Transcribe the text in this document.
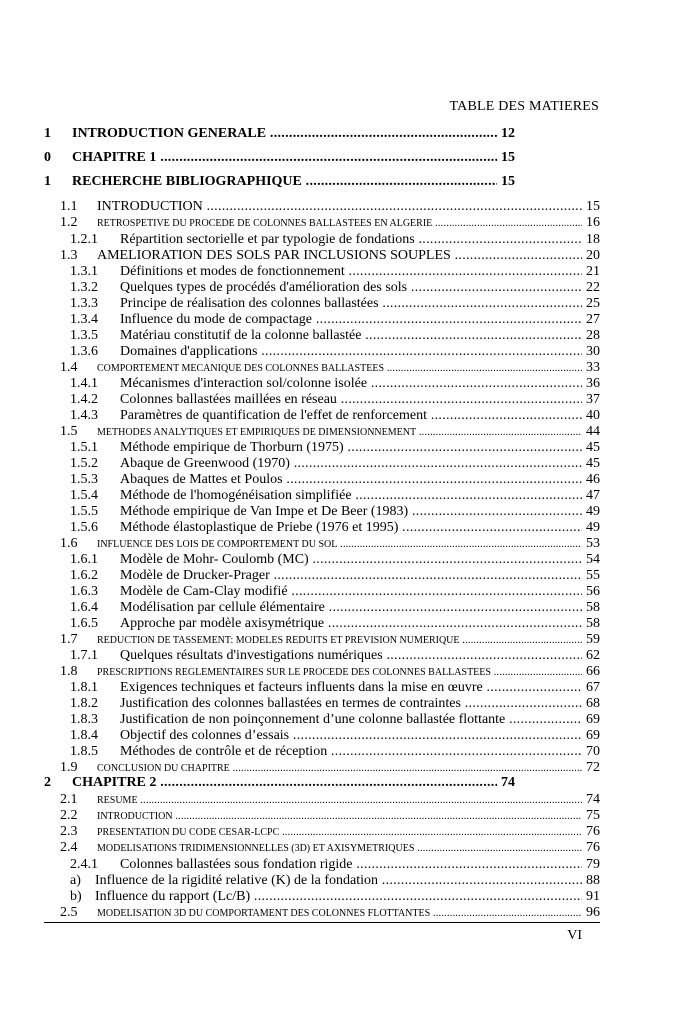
TABLE DES MATIERES
1 INTRODUCTION GENERALE .....	12
0 CHAPITRE 1 .....	15
1 RECHERCHE BIBLIOGRAPHIQUE .....	15
1.1 INTRODUCTION .....	15
1.2 RETROSPETIVE DU PROCEDE DE COLONNES BALLASTEES EN ALGERIE .....	16
1.2.1 Répartition sectorielle et par typologie de fondations .....	18
1.3 AMELIORATION DES SOLS PAR INCLUSIONS SOUPLES .....	20
1.3.1 Définitions et modes de fonctionnement .....	21
1.3.2 Quelques types de procédés d'amélioration des sols .....	22
1.3.3 Principe de réalisation des colonnes ballastées .....	25
1.3.4 Influence du mode de compactage .....	27
1.3.5 Matériau constitutif de la colonne ballastée .....	28
1.3.6 Domaines d'applications .....	30
1.4 COMPORTEMENT MECANIQUE DES COLONNES BALLASTEES .....	33
1.4.1 Mécanismes d'interaction sol/colonne isolée .....	36
1.4.2 Colonnes ballastées maillées en réseau .....	37
1.4.3 Paramètres de quantification de l'effet de renforcement .....	40
1.5 METHODES ANALYTIQUES ET EMPIRIQUES DE DIMENSIONNEMENT .....	44
1.5.1 Méthode empirique de Thorburn (1975) .....	45
1.5.2 Abaque de Greenwood (1970) .....	45
1.5.3 Abaques de Mattes et Poulos .....	46
1.5.4 Méthode de l'homogénéisation simplifiée .....	47
1.5.5 Méthode empirique de Van Impe et De Beer (1983) .....	49
1.5.6 Méthode élastoplastique de Priebe (1976 et 1995) .....	49
1.6 INFLUENCE DES LOIS DE COMPORTEMENT DU SOL .....	53
1.6.1 Modèle de Mohr- Coulomb (MC) .....	54
1.6.2 Modèle de Drucker-Prager .....	55
1.6.3 Modèle de Cam-Clay modifié .....	56
1.6.4 Modélisation par cellule élémentaire .....	58
1.6.5 Approche par modèle axisymétrique .....	58
1.7 REDUCTION DE TASSEMENT: MODELES REDUITS ET PREVISION NUMERIQUE .....	59
1.7.1 Quelques résultats d'investigations numériques .....	62
1.8 PRESCRIPTIONS REGLEMENTAIRES SUR LE PROCEDE DES COLONNES BALLASTEES .....	66
1.8.1 Exigences techniques et facteurs influents dans la mise en œuvre .....	67
1.8.2 Justification des colonnes ballastées en termes de contraintes .....	68
1.8.3 Justification de non poinçonnement d’une colonne ballastée flottante .....	69
1.8.4 Objectif des colonnes d’essais .....	69
1.8.5 Méthodes de contrôle et de réception .....	70
1.9 CONCLUSION DU CHAPITRE .....	72
2 CHAPITRE 2 .....	74
2.1 RESUME .....	74
2.2 INTRODUCTION .....	75
2.3 PRESENTATION DU CODE CESAR-LCPC .....	76
2.4 MODELISATIONS TRIDIMENSIONNELLES (3D) ET AXISYMETRIQUES .....	76
2.4.1 Colonnes ballastées sous fondation rigide .....	79
a) Influence de la rigidité relative (K) de la fondation .....	88
b) Influence du rapport (Lc/B) .....	91
2.5 MODELISATION 3D DU COMPORTAMENT DES COLONNES FLOTTANTES .....	96
VI
